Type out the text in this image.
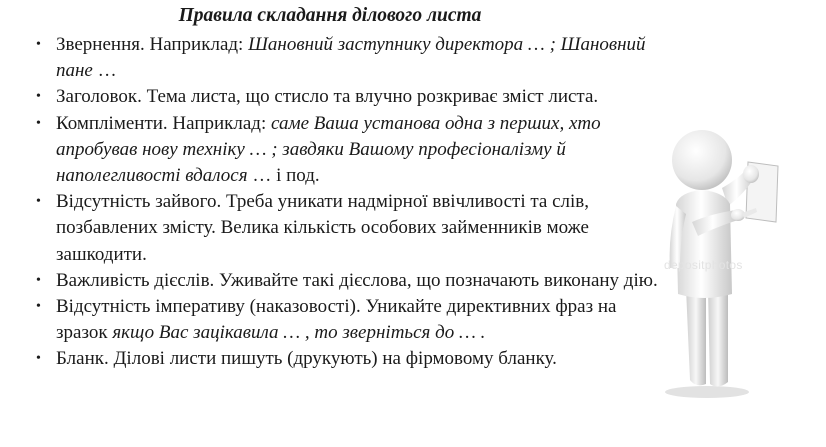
Правила складання ділового листа
• Звернення. Наприклад: Шановний заступнику директора … ; Шановний пане …
• Заголовок. Тема листа, що стисло та влучно розкриває зміст листа.
• Компліменти. Наприклад: саме Ваша установа одна з перших, хто апробував нову техніку … ; завдяки Вашому професіоналізму й наполегливості вдалося … і под.
• Відсутність зайвого. Треба уникати надмірної ввічливості та слів, позбавлених змісту. Велика кількість особових займенників може зашкодити.
• Важливість дієслів. Уживайте такі дієслова, що позначають виконану дію.
• Відсутність імперативу (наказовості). Уникайте директивних фраз на зразок якщо Вас зацікавила … , то зверніться до … .
• Бланк. Ділові листи пишуть (друкують) на фірмовому бланку.
depositphotos
